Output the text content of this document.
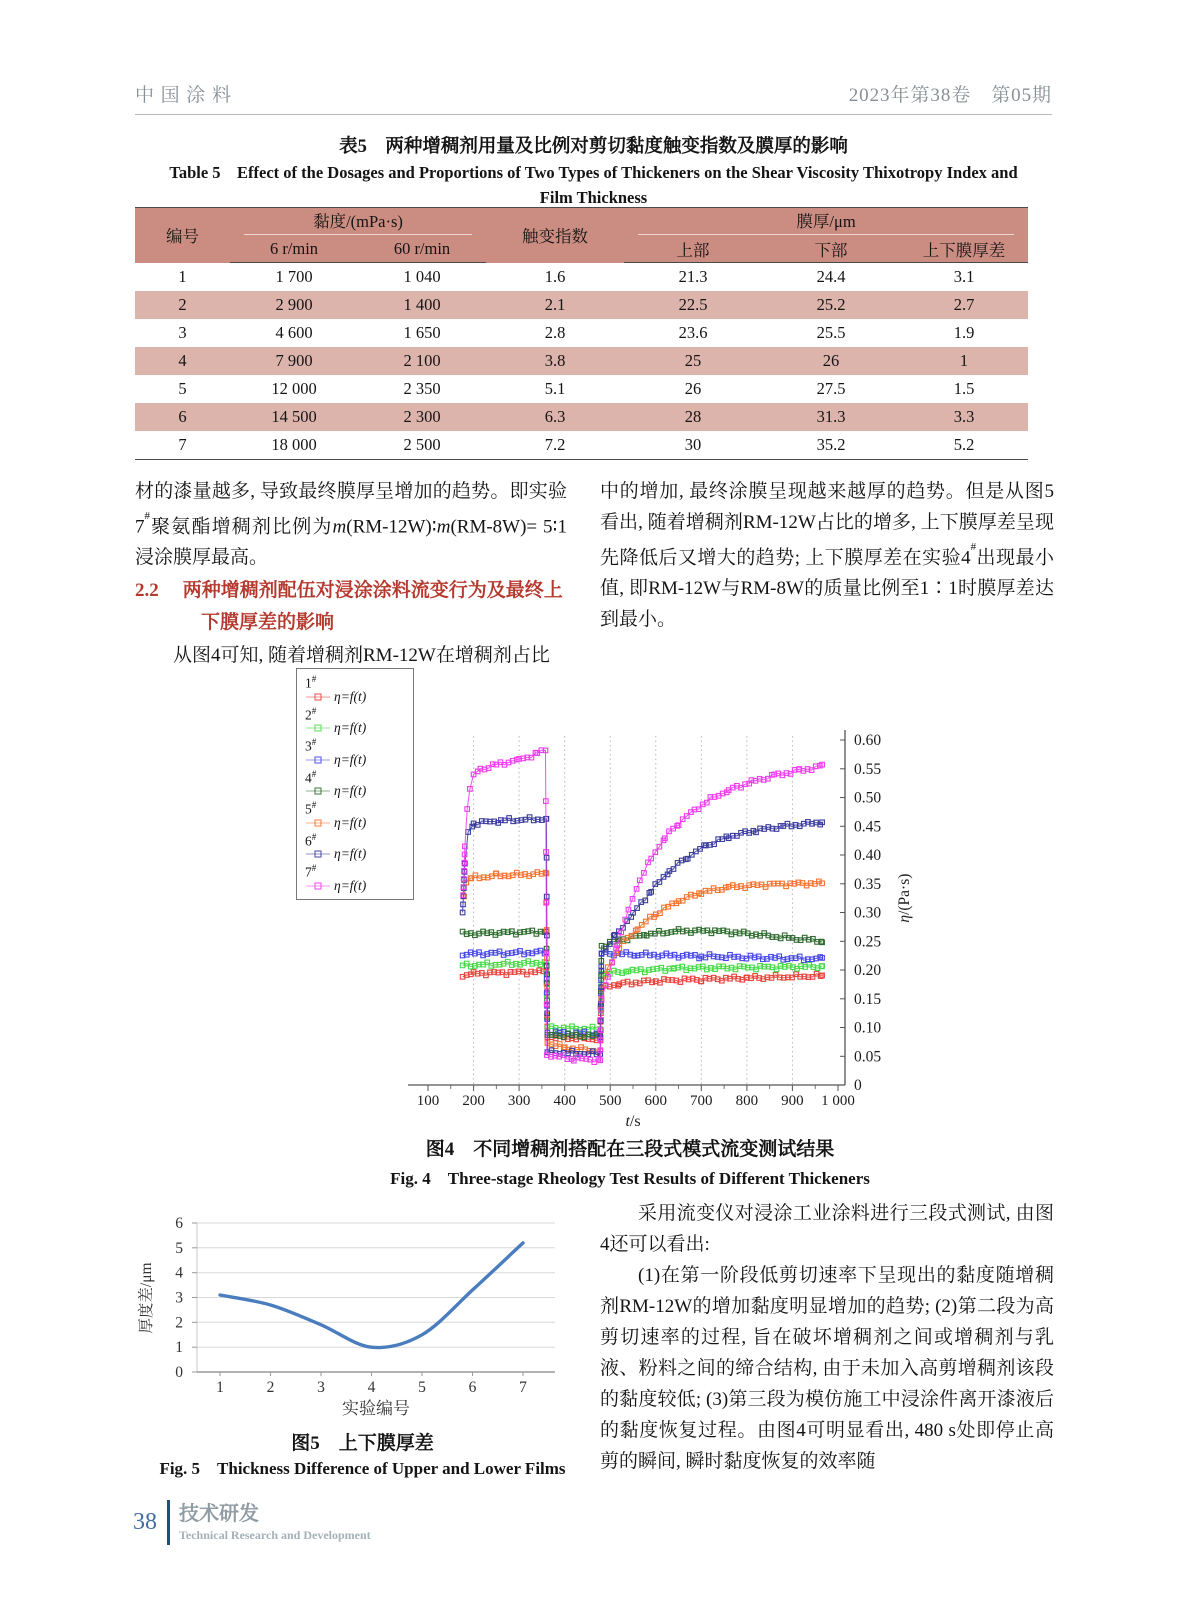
中国涂料	2023年第38卷　第05期
表5　两种增稠剂用量及比例对剪切黏度触变指数及膜厚的影响
Table 5　Effect of the Dosages and Proportions of Two Types of Thickeners on the Shear Viscosity Thixotropy Index and
Film Thickness
编号	黏度/(mPa·s)		触变指数	膜厚/μm		

	6 r/min	60 r/min		上部	下部	上下膜厚差
1	1 700	1 040	1.6	21.3	24.4	3.1
2	2 900	1 400	2.1	22.5	25.2	2.7
3	4 600	1 650	2.8	23.6	25.5	1.9
4	7 900	2 100	3.8	25	26	1
5	12 000	2 350	5.1	26	27.5	1.5
6	14 500	2 300	6.3	28	31.3	3.3
7	18 000	2 500	7.2	30	35.2	5.2

材的漆量越多, 导致最终膜厚呈增加的趋势。即实验7#聚氨酯增稠剂比例为m(RM-12W)∶m(RM-8W)= 5∶1浸涂膜厚最高。

2.2 两种增稠剂配伍对浸涂涂料流变行为及最终上下膜厚差的影响

从图4可知, 随着增稠剂RM-12W在增稠剂占比

中的增加, 最终涂膜呈现越来越厚的趋势。但是从图5看出, 随着增稠剂RM-12W占比的增多, 上下膜厚差呈现先降低后又增大的趋势; 上下膜厚差在实验4#出现最小值, 即RM-12W与RM-8W的质量比例至1∶1时膜厚差达到最小。

1#
η=f(t)
2#
η=f(t)
3#
η=f(t)
4#
η=f(t)
5#
η=f(t)
6#
η=f(t)
7#
η=f(t)
100 200 300 400 500 600 700 800 900 1 000
0
0.05
0.10
0.15
0.20
0.25
0.30
0.35
0.40
0.45
0.50
0.55
0.60
t/s
η/(Pa·s)
图4　不同增稠剂搭配在三段式模式流变测试结果
Fig. 4　Three-stage Rheology Test Results of Different Thickeners
0
1
2
3
4
5
6
1	2	3	4	5	6	7
厚度差/μm
实验编号
图5　上下膜厚差
Fig. 5　Thickness Difference of Upper and Lower Films

采用流变仪对浸涂工业涂料进行三段式测试, 由图4还可以看出:

(1)在第一阶段低剪切速率下呈现出的黏度随增稠剂RM-12W的增加黏度明显增加的趋势; (2)第二段为高剪切速率的过程, 旨在破坏增稠剂之间或增稠剂与乳液、粉料之间的缔合结构, 由于未加入高剪增稠剂该段的黏度较低; (3)第三段为模仿施工中浸涂件离开漆液后的黏度恢复过程。由图4可明显看出, 480 s处即停止高剪的瞬间, 瞬时黏度恢复的效率随

38 技术研发
Technical Research and Development
